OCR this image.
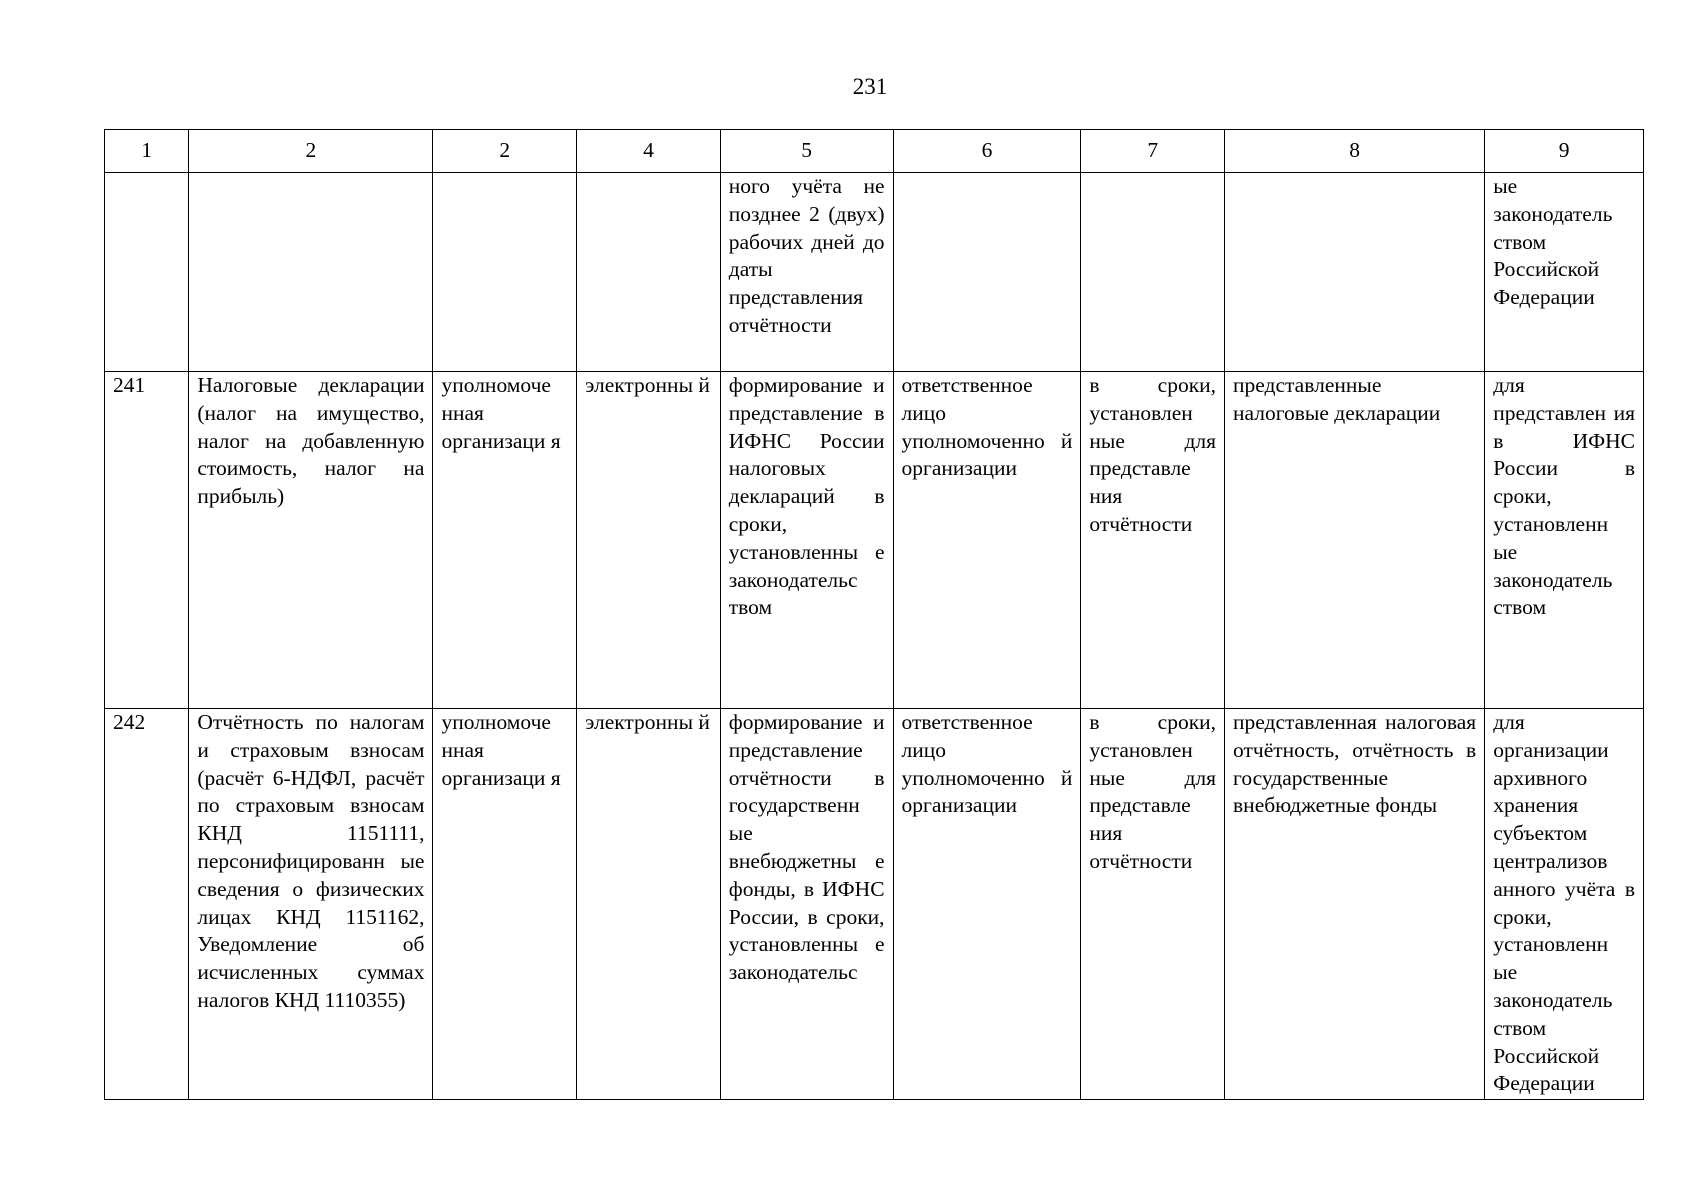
231
1	2	2	4	5	6	7	8	9

				ного учёта не позднее 2 (двух) рабочих дней до даты представления отчётности				ые законодатель ством Российской Федерации

241	Налоговые декларации (налог на имущество, налог на добавленную стоимость, налог на прибыль)	уполномоче нная организаци я	электронны й	формирование и представление в ИФНС России налоговых деклараций в сроки, установленны е законодательс твом	ответственное лицо уполномоченно й организации	в сроки, установлен ные для представле ния отчётности	представленные налоговые декларации	для представлен ия в ИФНС России в сроки, установленн ые законодатель ством

242	Отчётность по налогам и страховым взносам (расчёт 6-НДФЛ, расчёт по страховым взносам КНД 1151111, персонифицированн ые сведения о физических лицах КНД 1151162, Уведомление об исчисленных суммах налогов КНД 1110355)	уполномоче нная организаци я	электронны й	формирование и представление отчётности в государственн ые внебюджетны е фонды, в ИФНС России, в сроки, установленны е законодательс	ответственное лицо уполномоченно й организации	в сроки, установлен ные для представле ния отчётности	представленная налоговая отчётность, отчётность в государственные внебюджетные фонды	для организации архивного хранения субъектом централизов анного учёта в сроки, установленн ые законодатель ством Российской Федерации
